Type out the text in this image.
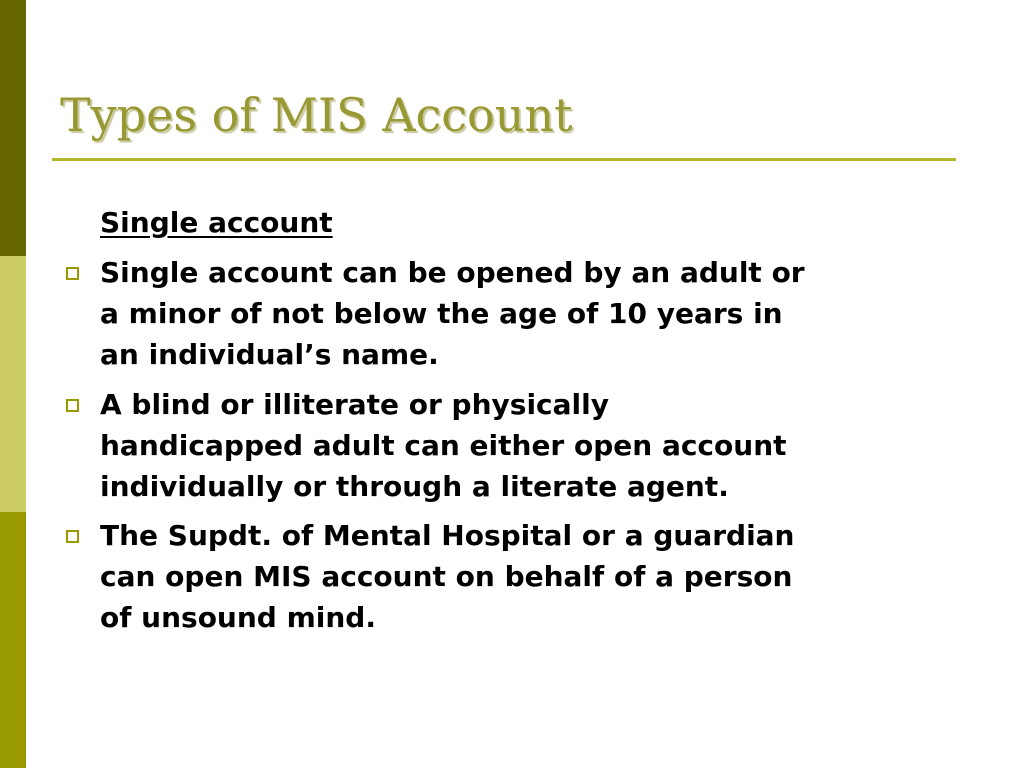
Types of MIS Account
Single account
Single account can be opened by an adult or
a minor of not below the age of 10 years in
an individual’s name.
A blind or illiterate or physically
handicapped adult can either open account
individually or through a literate agent.
The Supdt. of Mental Hospital or a guardian
can open MIS account on behalf of a person
of unsound mind.
